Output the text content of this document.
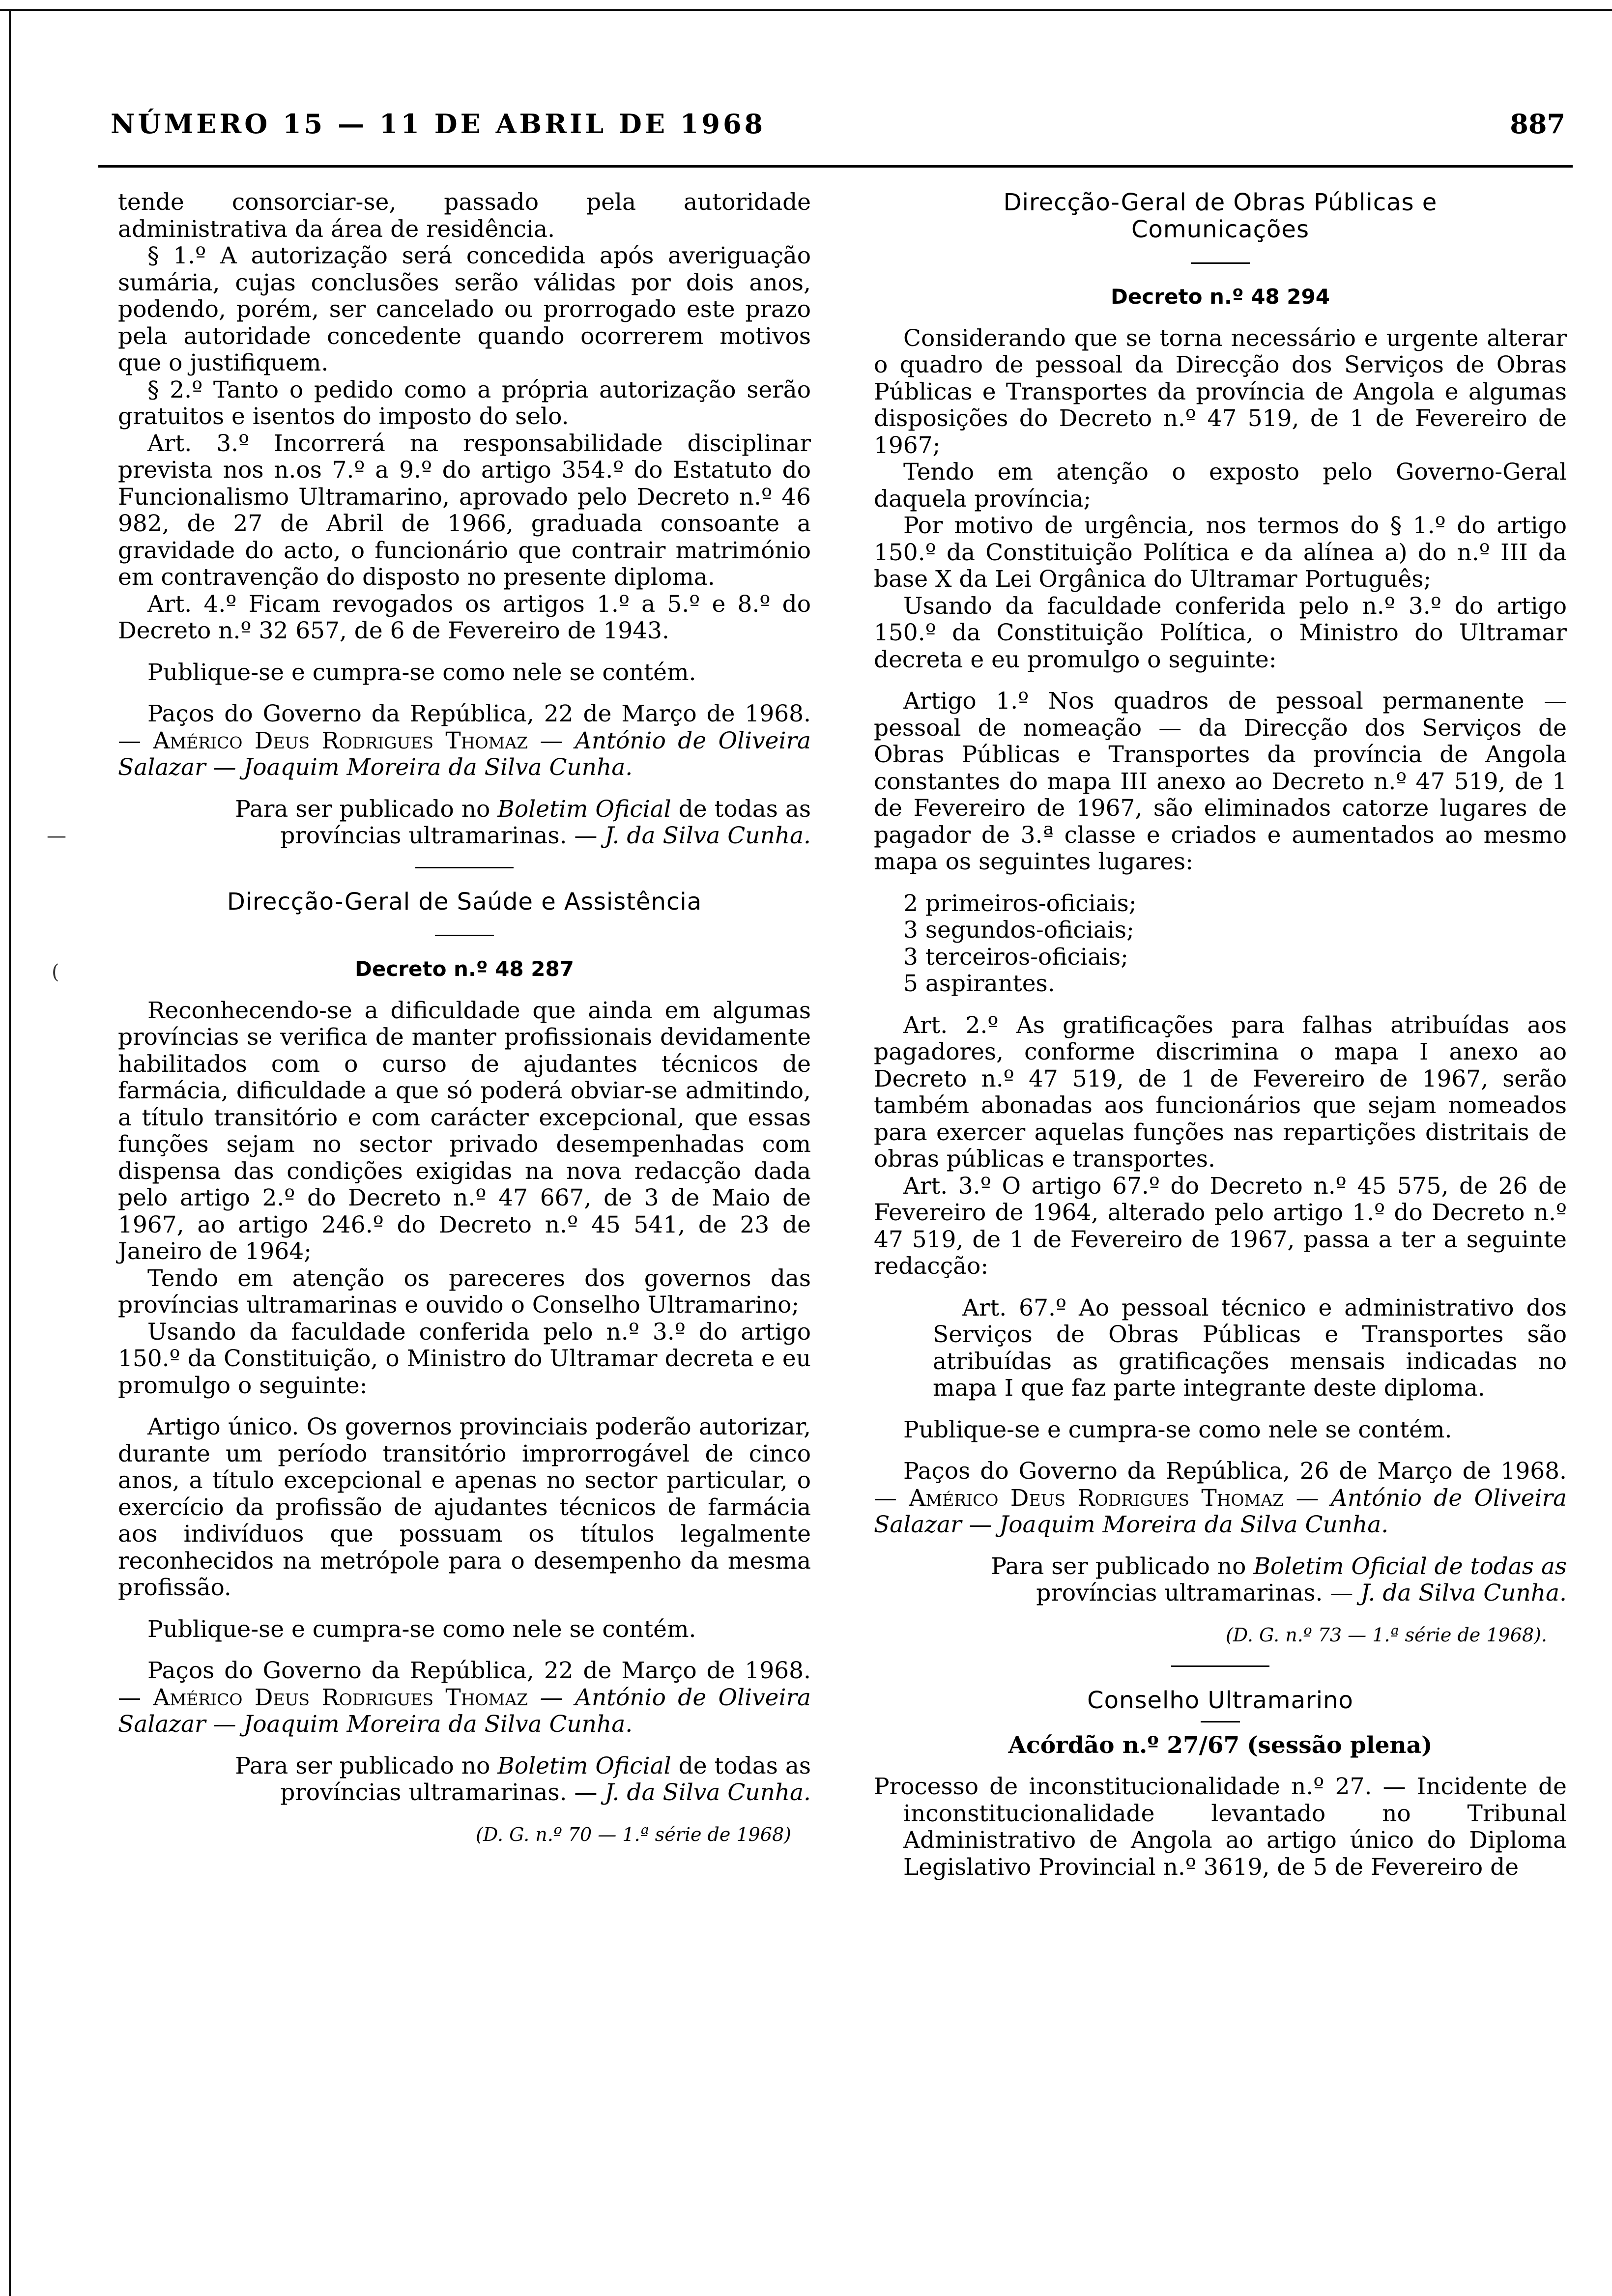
NÚMERO 15 — 11 DE ABRIL DE 1968	887
—
(

tende consorciar-se, passado pela autoridade administrativa da área de residência.

§ 1.º A autorização será concedida após averiguação sumária, cujas conclusões serão válidas por dois anos, podendo, porém, ser cancelado ou prorrogado este prazo pela autoridade concedente quando ocorrerem motivos que o justifiquem.

§ 2.º Tanto o pedido como a própria autorização serão gratuitos e isentos do imposto do selo.

Art. 3.º Incorrerá na responsabilidade disciplinar prevista nos n.os 7.º a 9.º do artigo 354.º do Estatuto do Funcionalismo Ultramarino, aprovado pelo Decreto n.º 46 982, de 27 de Abril de 1966, graduada consoante a gravidade do acto, o funcionário que contrair matrimónio em contravenção do disposto no presente diploma.

Art. 4.º Ficam revogados os artigos 1.º a 5.º e 8.º do Decreto n.º 32 657, de 6 de Fevereiro de 1943.

Publique-se e cumpra-se como nele se contém.

Paços do Governo da República, 22 de Março de 1968. — Américo Deus Rodrigues Thomaz — António de Oliveira Salazar — Joaquim Moreira da Silva Cunha.

Para ser publicado no Boletim Oficial de todas as províncias ultramarinas. — J. da Silva Cunha.

Direcção-Geral de Saúde e Assistência

Decreto n.º 48 287

Reconhecendo-se a dificuldade que ainda em algumas províncias se verifica de manter profissionais devidamente habilitados com o curso de ajudantes técnicos de farmácia, dificuldade a que só poderá obviar-se admitindo, a título transitório e com carácter excepcional, que essas funções sejam no sector privado desempenhadas com dispensa das condições exigidas na nova redacção dada pelo artigo 2.º do Decreto n.º 47 667, de 3 de Maio de 1967, ao artigo 246.º do Decreto n.º 45 541, de 23 de Janeiro de 1964;

Tendo em atenção os pareceres dos governos das províncias ultramarinas e ouvido o Conselho Ultramarino;

Usando da faculdade conferida pelo n.º 3.º do artigo 150.º da Constituição, o Ministro do Ultramar decreta e eu promulgo o seguinte:

Artigo único. Os governos provinciais poderão autorizar, durante um período transitório improrrogável de cinco anos, a título excepcional e apenas no sector particular, o exercício da profissão de ajudantes técnicos de farmácia aos indivíduos que possuam os títulos legalmente reconhecidos na metrópole para o desempenho da mesma profissão.

Publique-se e cumpra-se como nele se contém.

Paços do Governo da República, 22 de Março de 1968. — Américo Deus Rodrigues Thomaz — António de Oliveira Salazar — Joaquim Moreira da Silva Cunha.

Para ser publicado no Boletim Oficial de todas as províncias ultramarinas. — J. da Silva Cunha.

(D. G. n.º 70 — 1.ª série de 1968)

Direcção-Geral de Obras Públicas e Comunicações

Decreto n.º 48 294

Considerando que se torna necessário e urgente alterar o quadro de pessoal da Direcção dos Serviços de Obras Públicas e Transportes da província de Angola e algumas disposições do Decreto n.º 47 519, de 1 de Fevereiro de 1967;

Tendo em atenção o exposto pelo Governo-Geral daquela província;

Por motivo de urgência, nos termos do § 1.º do artigo 150.º da Constituição Política e da alínea a) do n.º III da base X da Lei Orgânica do Ultramar Português;

Usando da faculdade conferida pelo n.º 3.º do artigo 150.º da Constituição Política, o Ministro do Ultramar decreta e eu promulgo o seguinte:

Artigo 1.º Nos quadros de pessoal permanente — pessoal de nomeação — da Direcção dos Serviços de Obras Públicas e Transportes da província de Angola constantes do mapa III anexo ao Decreto n.º 47 519, de 1 de Fevereiro de 1967, são eliminados catorze lugares de pagador de 3.ª classe e criados e aumentados ao mesmo mapa os seguintes lugares:

2 primeiros-oficiais;

3 segundos-oficiais;

3 terceiros-oficiais;

5 aspirantes.

Art. 2.º As gratificações para falhas atribuídas aos pagadores, conforme discrimina o mapa I anexo ao Decreto n.º 47 519, de 1 de Fevereiro de 1967, serão também abonadas aos funcionários que sejam nomeados para exercer aquelas funções nas repartições distritais de obras públicas e transportes.

Art. 3.º O artigo 67.º do Decreto n.º 45 575, de 26 de Fevereiro de 1964, alterado pelo artigo 1.º do Decreto n.º 47 519, de 1 de Fevereiro de 1967, passa a ter a seguinte redacção:

Art. 67.º Ao pessoal técnico e administrativo dos Serviços de Obras Públicas e Transportes são atribuídas as gratificações mensais indicadas no mapa I que faz parte integrante deste diploma.

Publique-se e cumpra-se como nele se contém.

Paços do Governo da República, 26 de Março de 1968. — Américo Deus Rodrigues Thomaz — António de Oliveira Salazar — Joaquim Moreira da Silva Cunha.

Para ser publicado no Boletim Oficial de todas as províncias ultramarinas. — J. da Silva Cunha.

(D. G. n.º 73 — 1.ª série de 1968).

Conselho Ultramarino

Acórdão n.º 27/67 (sessão plena)

Processo de inconstitucionalidade n.º 27. — Incidente de inconstitucionalidade levantado no Tribunal Administrativo de Angola ao artigo único do Diploma Legislativo Provincial n.º 3619, de 5 de Fevereiro de
